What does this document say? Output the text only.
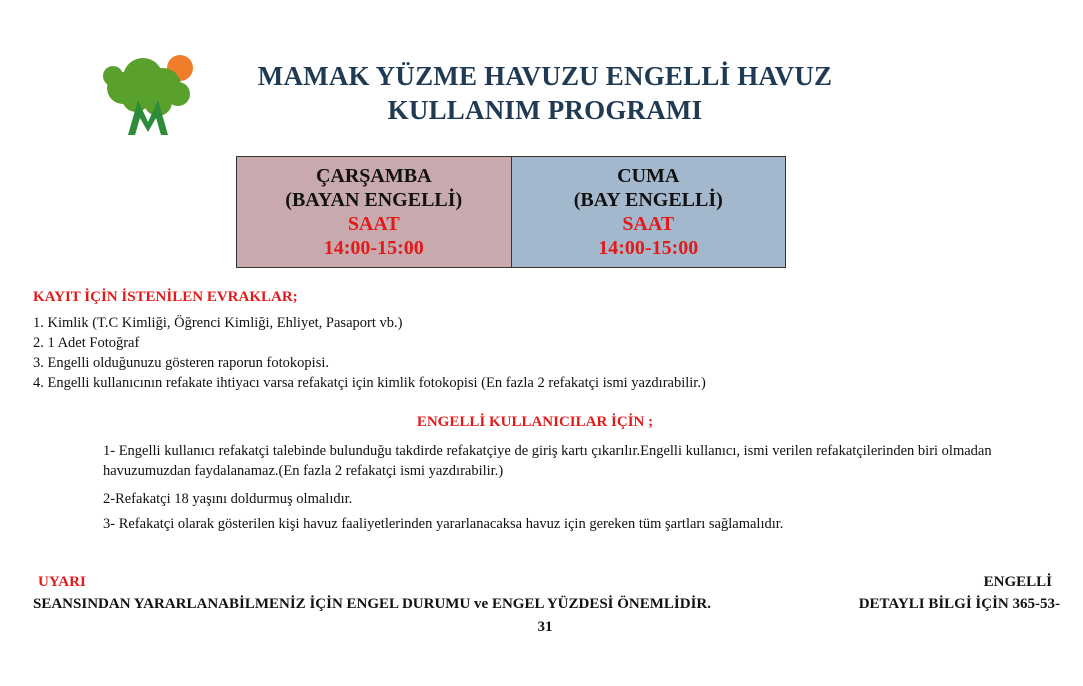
MAMAK YÜZME HAVUZU ENGELLİ HAVUZ
KULLANIM PROGRAMI
ÇARŞAMBA
(BAYAN ENGELLİ)
SAAT
14:00-15:00
CUMA
(BAY ENGELLİ)
SAAT
14:00-15:00
KAYIT İÇİN İSTENİLEN EVRAKLAR;
1. Kimlik (T.C Kimliği, Öğrenci Kimliği, Ehliyet, Pasaport vb.)
2. 1 Adet Fotoğraf
3. Engelli olduğunuzu gösteren raporun fotokopisi.
4. Engelli kullanıcının refakate ihtiyacı varsa refakatçi için kimlik fotokopisi (En fazla 2 refakatçi ismi yazdırabilir.)
ENGELLİ KULLANICILAR İÇİN ;
1- Engelli kullanıcı refakatçi talebinde bulunduğu takdirde refakatçiye de giriş kartı çıkarılır.Engelli kullanıcı, ismi verilen refakatçilerinden biri olmadan havuzumuzdan faydalanamaz.(En fazla 2 refakatçi ismi yazdırabilir.)
2-Refakatçi 18 yaşını doldurmuş olmalıdır.
3- Refakatçi olarak gösterilen kişi havuz faaliyetlerinden yararlanacaksa havuz için gereken tüm şartları sağlamalıdır.
UYARI
SEANSINDAN YARARLANABİLMENİZ İÇİN ENGEL DURUMU ve ENGEL YÜZDESİ ÖNEMLİDİR.
ENGELLİ
DETAYLI BİLGİ İÇİN 365-53-
31
